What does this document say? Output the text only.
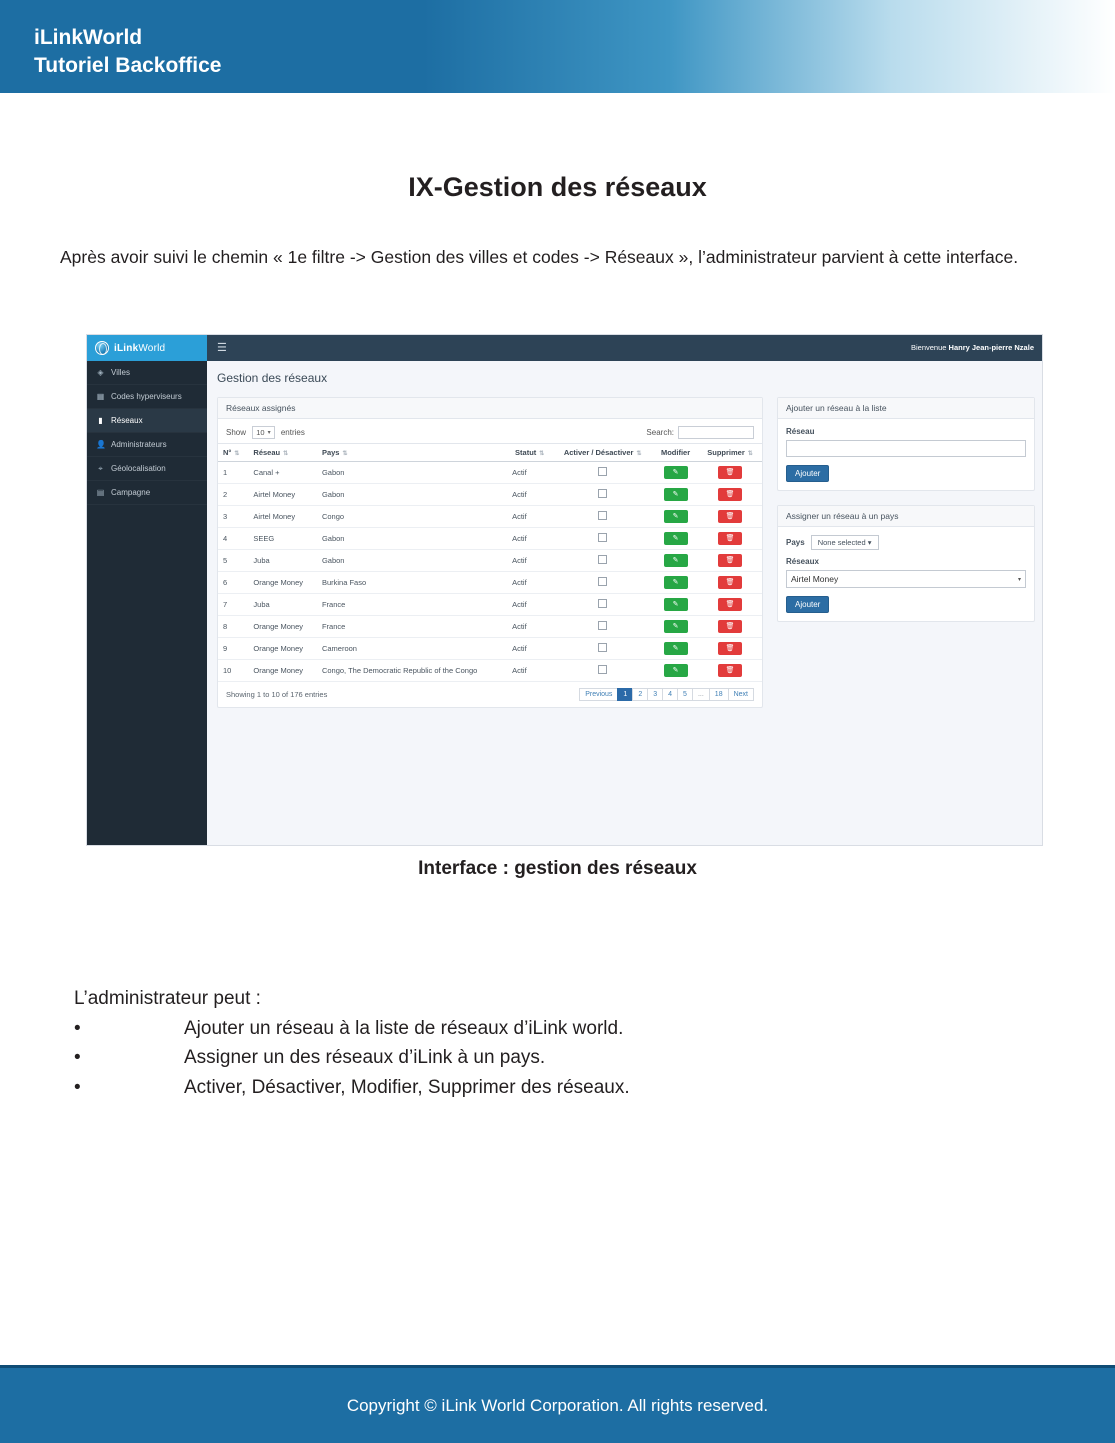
iLinkWorld
Tutoriel Backoffice
IX-Gestion des réseaux
Après avoir suivi le chemin « 1e filtre -> Gestion des villes et codes -> Réseaux », l’administrateur parvient à cette interface.
iLinkWorld	☰	Bienvenue Hanry Jean-pierre Nzale
◈ Villes
▦ Codes hyperviseurs
▮ Réseaux
👤 Administrateurs
⌖ Géolocalisation
▤ Campagne
Gestion des réseaux
Réseaux assignés
Show 10 ▾ entries	Search:
N° ⇅	Réseau ⇅	Pays ⇅	Statut ⇅	Activer / Désactiver ⇅	Modifier	Supprimer ⇅
1	Canal +	Gabon	Actif		✎	🗑
2	Airtel Money	Gabon	Actif		✎	🗑
3	Airtel Money	Congo	Actif		✎	🗑
4	SEEG	Gabon	Actif		✎	🗑
5	Juba	Gabon	Actif		✎	🗑
6	Orange Money	Burkina Faso	Actif		✎	🗑
7	Juba	France	Actif		✎	🗑
8	Orange Money	France	Actif		✎	🗑
9	Orange Money	Cameroon	Actif		✎	🗑
10	Orange Money	Congo, The Democratic Republic of the Congo	Actif		✎	🗑
Showing 1 to 10 of 176 entries	Previous	1	2	3	4	5	...	18	Next
Ajouter un réseau à la liste
Réseau
Ajouter
Assigner un réseau à un pays
Pays	None selected ▾
Réseaux
Airtel Money	▾
Ajouter
Interface : gestion des réseaux
L’administrateur peut :
•	Ajouter un réseau à la liste de réseaux d’iLink world.
•	Assigner un des réseaux d’iLink à un pays.
•	Activer, Désactiver, Modifier, Supprimer des réseaux.
Copyright © iLink World Corporation. All rights reserved.
